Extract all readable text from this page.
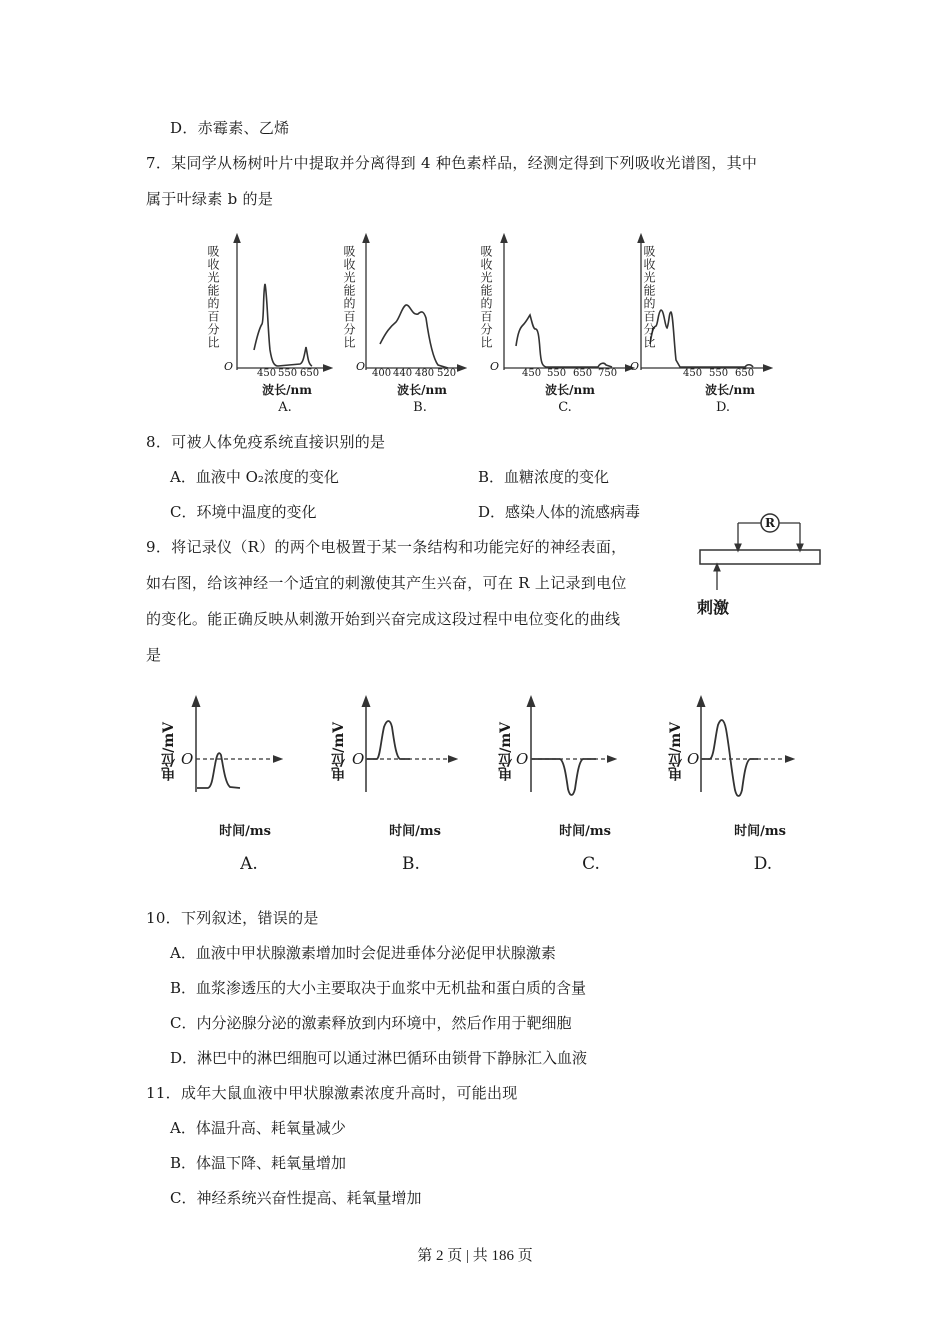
D．赤霉素、乙烯
7．某同学从杨树叶片中提取并分离得到 4 种色素样品，经测定得到下列吸收光谱图，其中
属于叶绿素 b 的是
吸收光能的百分比	吸收光能的百分比	吸收光能的百分比	吸收光能的百分比
O	O	O	O
450 550 650	400 440 480 520	450 550 650 750	450 550 650
波长/nm	波长/nm	波长/nm	波长/nm
A.	B.	C.	D.
8．可被人体免疫系统直接识别的是
A．血液中 O₂浓度的变化	B．血糖浓度的变化
C．环境中温度的变化	D．感染人体的流感病毒
9．将记录仪（R）的两个电极置于某一条结构和功能完好的神经表面，
如右图，给该神经一个适宜的刺激使其产生兴奋，可在 R 上记录到电位
的变化。能正确反映从刺激开始到兴奋完成这段过程中电位变化的曲线
是
R
刺激
电位/mV	电位/mV	电位/mV	电位/mV
O	O	O	O
时间/ms	时间/ms	时间/ms	时间/ms
A.	B.	C.	D.
10．下列叙述，错误的是
A．血液中甲状腺激素增加时会促进垂体分泌促甲状腺激素
B．血浆渗透压的大小主要取决于血浆中无机盐和蛋白质的含量
C．内分泌腺分泌的激素释放到内环境中，然后作用于靶细胞
D．淋巴中的淋巴细胞可以通过淋巴循环由锁骨下静脉汇入血液
11．成年大鼠血液中甲状腺激素浓度升高时，可能出现
A．体温升高、耗氧量减少
B．体温下降、耗氧量增加
C．神经系统兴奋性提高、耗氧量增加
第 2 页 | 共 186 页
